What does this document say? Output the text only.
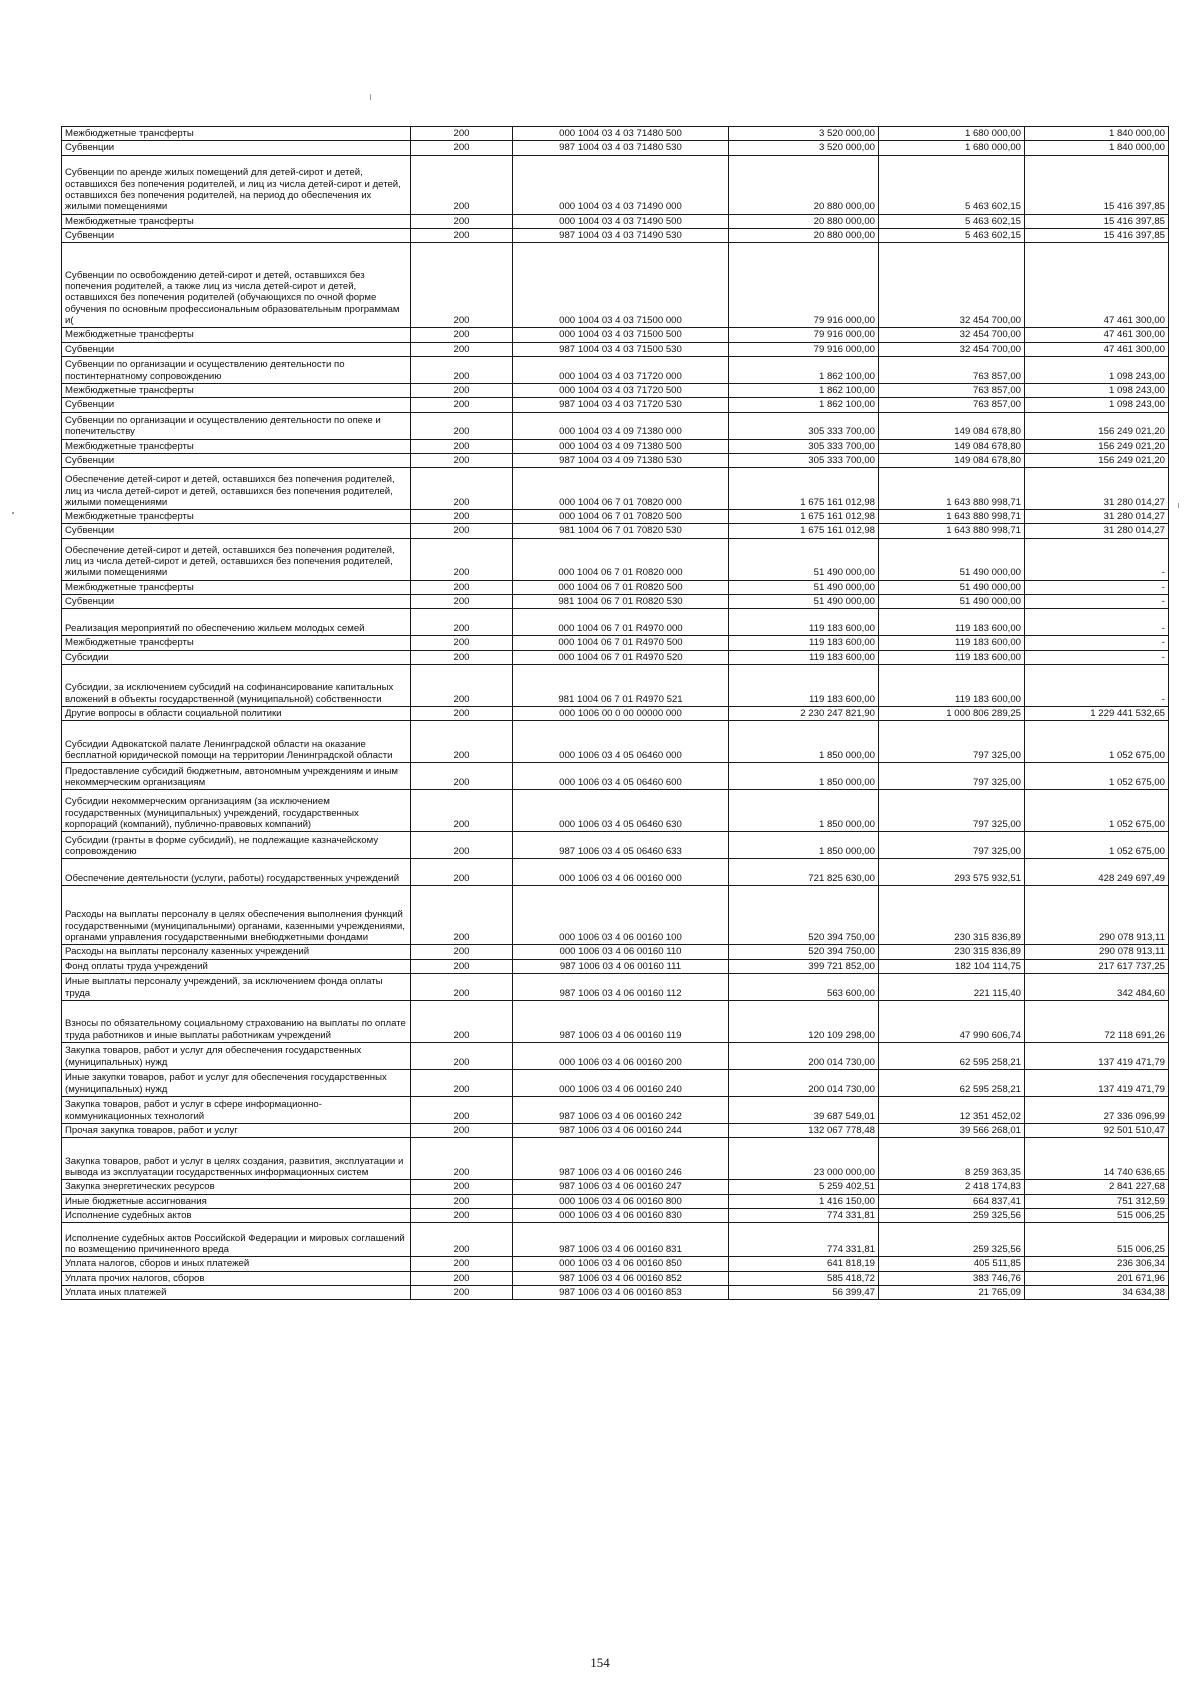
Межбюджетные трансферты	200	000 1004 03 4 03 71480 500	3 520 000,00	1 680 000,00	1 840 000,00
Субвенции	200	987 1004 03 4 03 71480 530	3 520 000,00	1 680 000,00	1 840 000,00
Субвенции по аренде жилых помещений для детей-сирот и детей, оставшихся без попечения родителей, и лиц из числа детей-сирот и детей, оставшихся без попечения родителей, на период до обеспечения их жилыми помещениями	200	000 1004 03 4 03 71490 000	20 880 000,00	5 463 602,15	15 416 397,85
Межбюджетные трансферты	200	000 1004 03 4 03 71490 500	20 880 000,00	5 463 602,15	15 416 397,85
Субвенции	200	987 1004 03 4 03 71490 530	20 880 000,00	5 463 602,15	15 416 397,85
Субвенции по освобождению детей-сирот и детей, оставшихся без попечения родителей, а также лиц из числа детей-сирот и детей, оставшихся без попечения родителей (обучающихся по очной форме обучения по основным профессиональным образовательным программам и(	200	000 1004 03 4 03 71500 000	79 916 000,00	32 454 700,00	47 461 300,00
Межбюджетные трансферты	200	000 1004 03 4 03 71500 500	79 916 000,00	32 454 700,00	47 461 300,00
Субвенции	200	987 1004 03 4 03 71500 530	79 916 000,00	32 454 700,00	47 461 300,00
Субвенции по организации и осуществлению деятельности по постинтернатному сопровождению	200	000 1004 03 4 03 71720 000	1 862 100,00	763 857,00	1 098 243,00
Межбюджетные трансферты	200	000 1004 03 4 03 71720 500	1 862 100,00	763 857,00	1 098 243,00
Субвенции	200	987 1004 03 4 03 71720 530	1 862 100,00	763 857,00	1 098 243,00
Субвенции по организации и осуществлению деятельности по опеке и попечительству	200	000 1004 03 4 09 71380 000	305 333 700,00	149 084 678,80	156 249 021,20
Межбюджетные трансферты	200	000 1004 03 4 09 71380 500	305 333 700,00	149 084 678,80	156 249 021,20
Субвенции	200	987 1004 03 4 09 71380 530	305 333 700,00	149 084 678,80	156 249 021,20
Обеспечение детей-сирот и детей, оставшихся без попечения родителей, лиц из числа детей-сирот и детей, оставшихся без попечения родителей, жилыми помещениями	200	000 1004 06 7 01 70820 000	1 675 161 012,98	1 643 880 998,71	31 280 014,27
Межбюджетные трансферты	200	000 1004 06 7 01 70820 500	1 675 161 012,98	1 643 880 998,71	31 280 014,27
Субвенции	200	981 1004 06 7 01 70820 530	1 675 161 012,98	1 643 880 998,71	31 280 014,27
Обеспечение детей-сирот и детей, оставшихся без попечения родителей, лиц из числа детей-сирот и детей, оставшихся без попечения родителей, жилыми помещениями	200	000 1004 06 7 01 R0820 000	51 490 000,00	51 490 000,00	-
Межбюджетные трансферты	200	000 1004 06 7 01 R0820 500	51 490 000,00	51 490 000,00	-
Субвенции	200	981 1004 06 7 01 R0820 530	51 490 000,00	51 490 000,00	-
Реализация мероприятий по обеспечению жильем молодых семей	200	000 1004 06 7 01 R4970 000	119 183 600,00	119 183 600,00	-
Межбюджетные трансферты	200	000 1004 06 7 01 R4970 500	119 183 600,00	119 183 600,00	-
Субсидии	200	000 1004 06 7 01 R4970 520	119 183 600,00	119 183 600,00	-
Субсидии, за исключением субсидий на софинансирование капитальных вложений в объекты государственной (муниципальной) собственности	200	981 1004 06 7 01 R4970 521	119 183 600,00	119 183 600,00	-
Другие вопросы в области социальной политики	200	000 1006 00 0 00 00000 000	2 230 247 821,90	1 000 806 289,25	1 229 441 532,65
Субсидии Адвокатской палате Ленинградской области на оказание бесплатной юридической помощи на территории Ленинградской области	200	000 1006 03 4 05 06460 000	1 850 000,00	797 325,00	1 052 675,00
Предоставление субсидий бюджетным, автономным учреждениям и иным некоммерческим организациям	200	000 1006 03 4 05 06460 600	1 850 000,00	797 325,00	1 052 675,00
Субсидии некоммерческим организациям (за исключением государственных (муниципальных) учреждений, государственных корпораций (компаний), публично-правовых компаний)	200	000 1006 03 4 05 06460 630	1 850 000,00	797 325,00	1 052 675,00
Субсидии (гранты в форме субсидий), не подлежащие казначейскому сопровождению	200	987 1006 03 4 05 06460 633	1 850 000,00	797 325,00	1 052 675,00
Обеспечение деятельности (услуги, работы) государственных учреждений	200	000 1006 03 4 06 00160 000	721 825 630,00	293 575 932,51	428 249 697,49
Расходы на выплаты персоналу в целях обеспечения выполнения функций государственными (муниципальными) органами, казенными учреждениями, органами управления государственными внебюджетными фондами	200	000 1006 03 4 06 00160 100	520 394 750,00	230 315 836,89	290 078 913,11
Расходы на выплаты персоналу казенных учреждений	200	000 1006 03 4 06 00160 110	520 394 750,00	230 315 836,89	290 078 913,11
Фонд оплаты труда учреждений	200	987 1006 03 4 06 00160 111	399 721 852,00	182 104 114,75	217 617 737,25
Иные выплаты персоналу учреждений, за исключением фонда оплаты труда	200	987 1006 03 4 06 00160 112	563 600,00	221 115,40	342 484,60
Взносы по обязательному социальному страхованию на выплаты по оплате труда работников и иные выплаты работникам учреждений	200	987 1006 03 4 06 00160 119	120 109 298,00	47 990 606,74	72 118 691,26
Закупка товаров, работ и услуг для обеспечения государственных (муниципальных) нужд	200	000 1006 03 4 06 00160 200	200 014 730,00	62 595 258,21	137 419 471,79
Иные закупки товаров, работ и услуг для обеспечения государственных (муниципальных) нужд	200	000 1006 03 4 06 00160 240	200 014 730,00	62 595 258,21	137 419 471,79
Закупка товаров, работ и услуг в сфере информационно-коммуникационных технологий	200	987 1006 03 4 06 00160 242	39 687 549,01	12 351 452,02	27 336 096,99
Прочая закупка товаров, работ и услуг	200	987 1006 03 4 06 00160 244	132 067 778,48	39 566 268,01	92 501 510,47
Закупка товаров, работ и услуг в целях создания, развития, эксплуатации и вывода из эксплуатации государственных информационных систем	200	987 1006 03 4 06 00160 246	23 000 000,00	8 259 363,35	14 740 636,65
Закупка энергетических ресурсов	200	987 1006 03 4 06 00160 247	5 259 402,51	2 418 174,83	2 841 227,68
Иные бюджетные ассигнования	200	000 1006 03 4 06 00160 800	1 416 150,00	664 837,41	751 312,59
Исполнение судебных актов	200	000 1006 03 4 06 00160 830	774 331,81	259 325,56	515 006,25
Исполнение судебных актов Российской Федерации и мировых соглашений по возмещению причиненного вреда	200	987 1006 03 4 06 00160 831	774 331,81	259 325,56	515 006,25
Уплата налогов, сборов и иных платежей	200	000 1006 03 4 06 00160 850	641 818,19	405 511,85	236 306,34
Уплата прочих налогов, сборов	200	987 1006 03 4 06 00160 852	585 418,72	383 746,76	201 671,96
Уплата иных платежей	200	987 1006 03 4 06 00160 853	56 399,47	21 765,09	34 634,38
154
